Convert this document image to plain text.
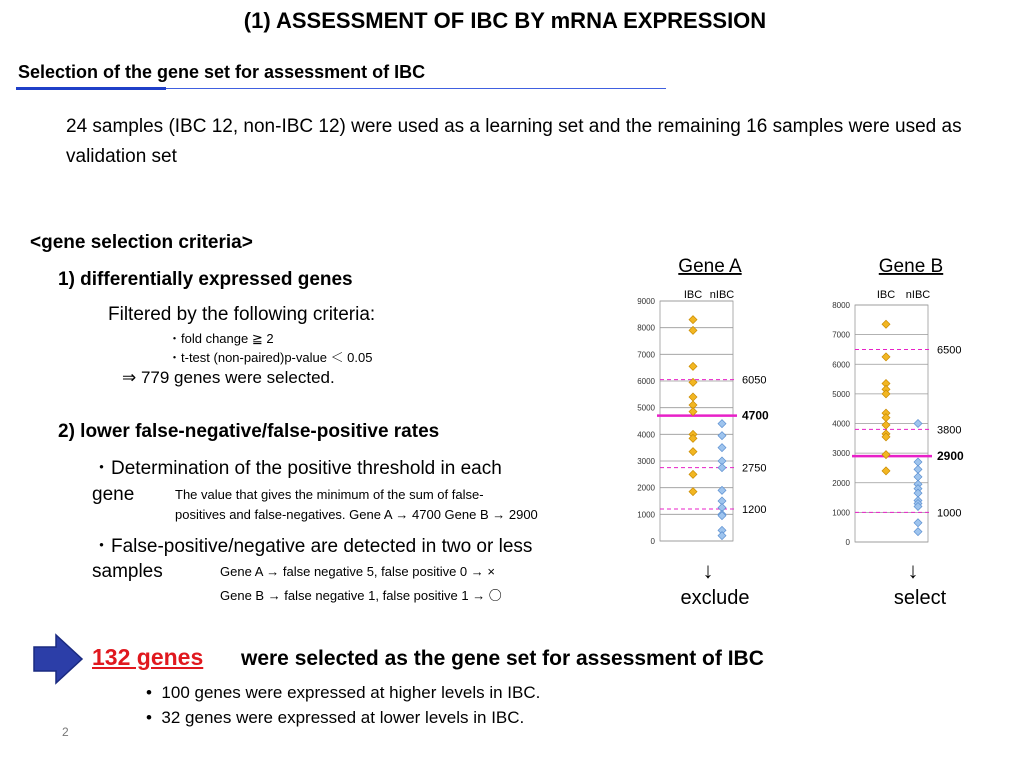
(1) ASSESSMENT OF IBC BY mRNA EXPRESSION
Selection of the gene set for assessment of IBC
24 samples (IBC 12, non-IBC 12) were used as a learning set and the remaining 16 samples were used as validation set
<gene selection criteria>
1) differentially expressed genes
Filtered by the following criteria:
・fold change ≧ 2
・t-test (non-paired)p-value ＜ 0.05
⇒ 779 genes were selected.
2) lower false-negative/false-positive rates
・Determination of the positive threshold in each
gene	The value that gives the minimum of the sum of false-
positives and false-negatives. Gene A → 4700 Gene B → 2900
・False-positive/negative are detected in two or less
samples	Gene A → false negative 5, false positive 0 → ×
Gene B → false negative 1, false positive 1 → 〇
132 genes were selected as the gene set for assessment of IBC
•  100 genes were expressed at higher levels in IBC.
•  32 genes were expressed at lower levels in IBC.
2
Gene A
IBC nIBC
0
1000
2000
3000
4000
5000
6000
7000
8000
9000
6050
2750
1200
4700
↓
exclude
Gene B
IBC nIBC
0
1000
2000
3000
4000
5000
6000
7000
8000
6500
3800
1000
2900
↓
select
